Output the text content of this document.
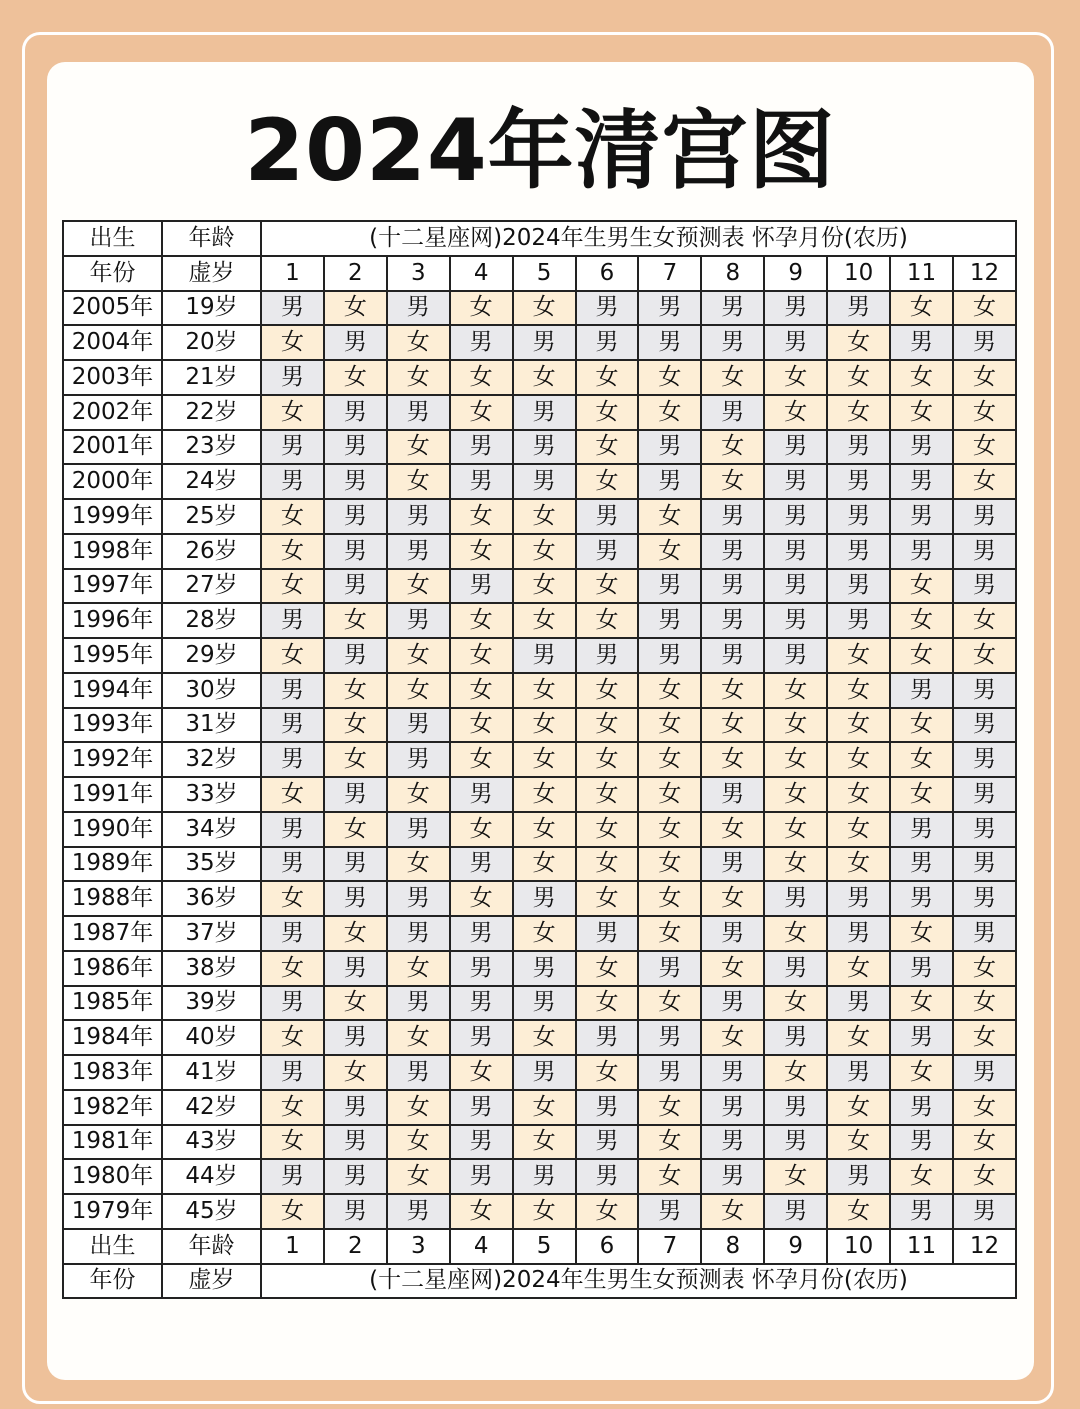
2024年清宫图
出生	年龄	(十二星座网)2024年生男生女预测表 怀孕月份(农历)											
年份	虚岁	1	2	3	4	5	6	7	8	9	10	11	12
2005年	19岁	男	女	男	女	女	男	男	男	男	男	女	女
2004年	20岁	女	男	女	男	男	男	男	男	男	女	男	男
2003年	21岁	男	女	女	女	女	女	女	女	女	女	女	女
2002年	22岁	女	男	男	女	男	女	女	男	女	女	女	女
2001年	23岁	男	男	女	男	男	女	男	女	男	男	男	女
2000年	24岁	男	男	女	男	男	女	男	女	男	男	男	女
1999年	25岁	女	男	男	女	女	男	女	男	男	男	男	男
1998年	26岁	女	男	男	女	女	男	女	男	男	男	男	男
1997年	27岁	女	男	女	男	女	女	男	男	男	男	女	男
1996年	28岁	男	女	男	女	女	女	男	男	男	男	女	女
1995年	29岁	女	男	女	女	男	男	男	男	男	女	女	女
1994年	30岁	男	女	女	女	女	女	女	女	女	女	男	男
1993年	31岁	男	女	男	女	女	女	女	女	女	女	女	男
1992年	32岁	男	女	男	女	女	女	女	女	女	女	女	男
1991年	33岁	女	男	女	男	女	女	女	男	女	女	女	男
1990年	34岁	男	女	男	女	女	女	女	女	女	女	男	男
1989年	35岁	男	男	女	男	女	女	女	男	女	女	男	男
1988年	36岁	女	男	男	女	男	女	女	女	男	男	男	男
1987年	37岁	男	女	男	男	女	男	女	男	女	男	女	男
1986年	38岁	女	男	女	男	男	女	男	女	男	女	男	女
1985年	39岁	男	女	男	男	男	女	女	男	女	男	女	女
1984年	40岁	女	男	女	男	女	男	男	女	男	女	男	女
1983年	41岁	男	女	男	女	男	女	男	男	女	男	女	男
1982年	42岁	女	男	女	男	女	男	女	男	男	女	男	女
1981年	43岁	女	男	女	男	女	男	女	男	男	女	男	女
1980年	44岁	男	男	女	男	男	男	女	男	女	男	女	女
1979年	45岁	女	男	男	女	女	女	男	女	男	女	男	男
出生	年龄	1	2	3	4	5	6	7	8	9	10	11	12
年份	虚岁	(十二星座网)2024年生男生女预测表 怀孕月份(农历)											
